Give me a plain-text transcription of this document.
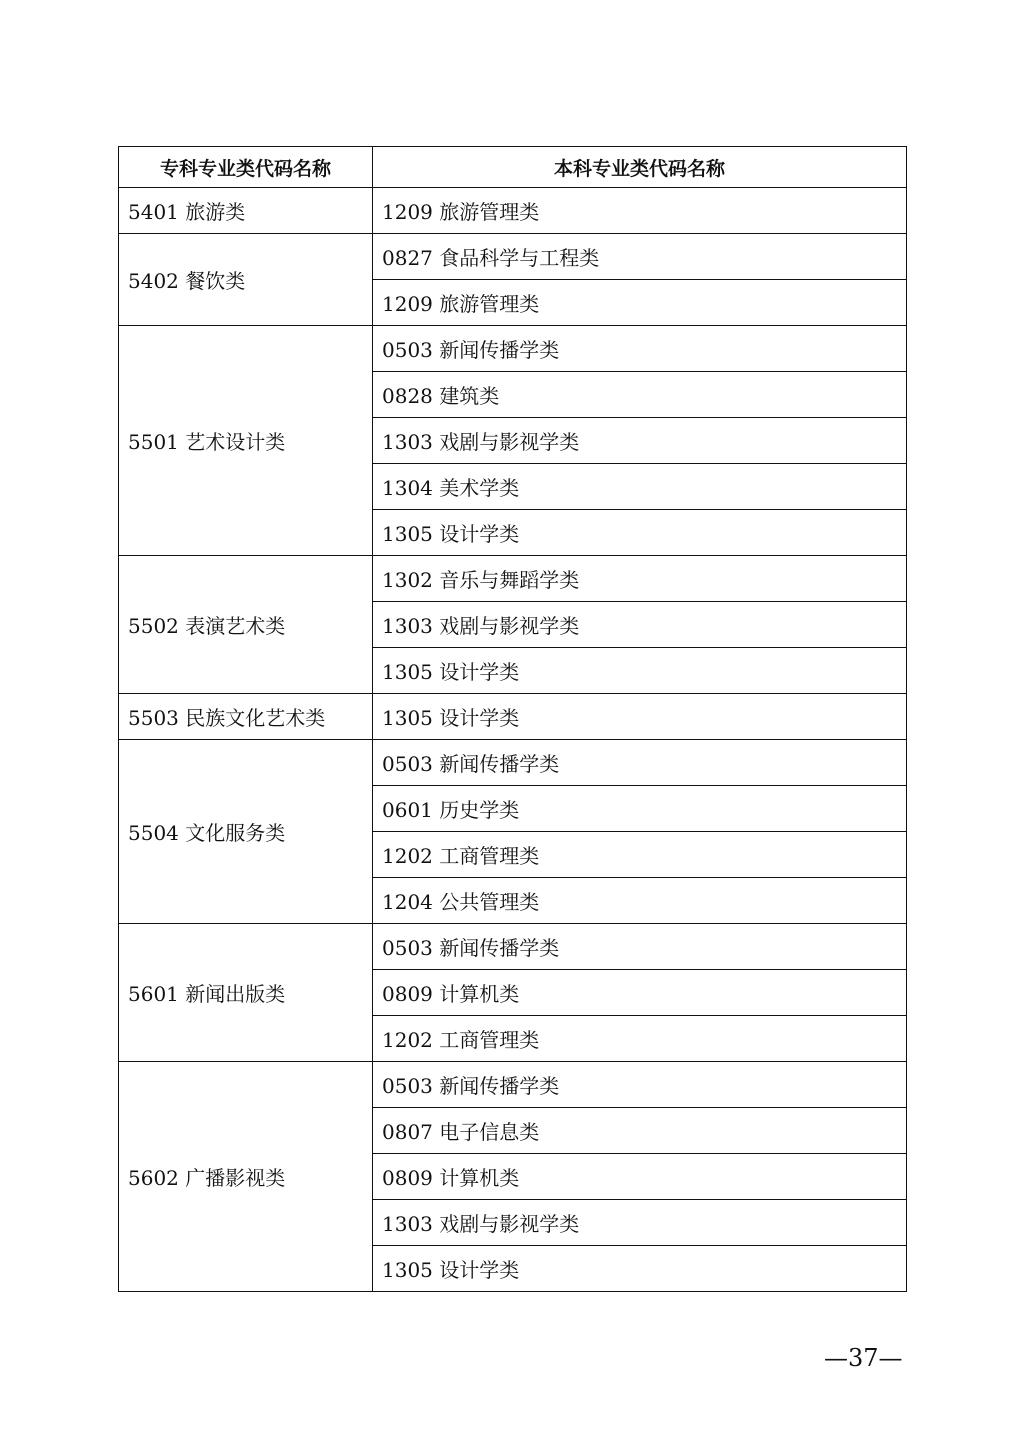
专科专业类代码名称	本科专业类代码名称
5401 旅游类	1209 旅游管理类
5402 餐饮类	0827 食品科学与工程类
	1209 旅游管理类
5501 艺术设计类	0503 新闻传播学类
	0828 建筑类
	1303 戏剧与影视学类
	1304 美术学类
	1305 设计学类
5502 表演艺术类	1302 音乐与舞蹈学类
	1303 戏剧与影视学类
	1305 设计学类
5503 民族文化艺术类	1305 设计学类
5504 文化服务类	0503 新闻传播学类
	0601 历史学类
	1202 工商管理类
	1204 公共管理类
5601 新闻出版类	0503 新闻传播学类
	0809 计算机类
	1202 工商管理类
5602 广播影视类	0503 新闻传播学类
	0807 电子信息类
	0809 计算机类
	1303 戏剧与影视学类
	1305 设计学类
—37—
